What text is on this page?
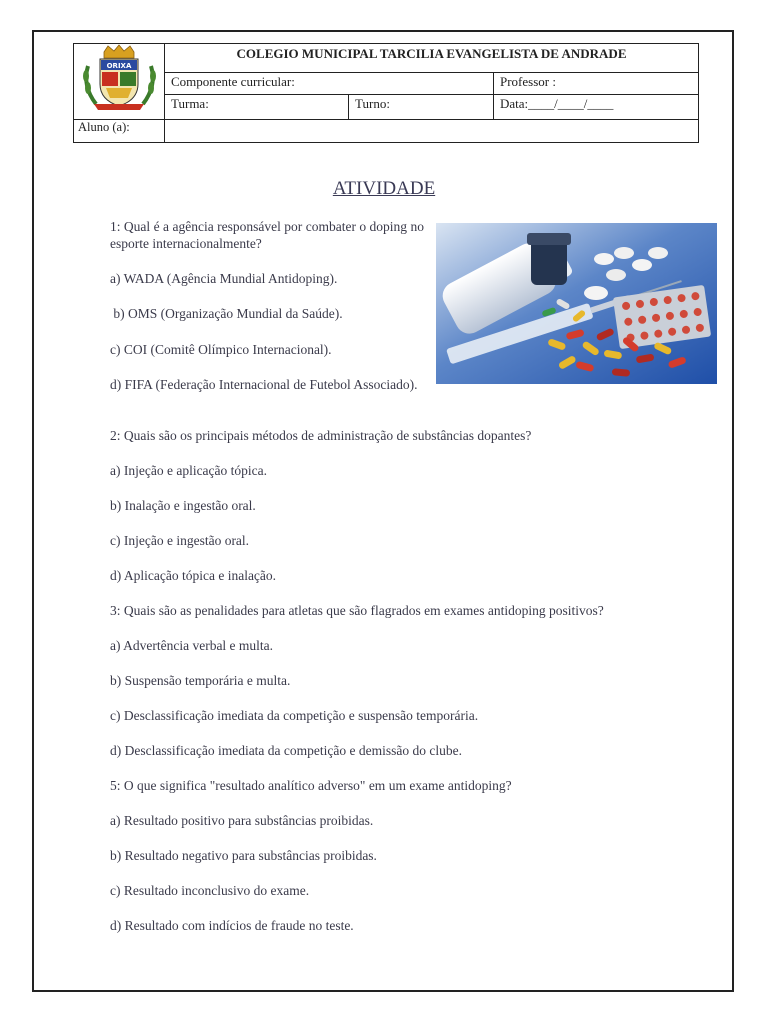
ORIXA	COLEGIO MUNICIPAL TARCILIA EVANGELISTA DE ANDRADE		
	Componente curricular:		Professor :
	Turma:	Turno:	Data:____/____/____
Aluno (a):			
ATIVIDADE
1: Qual é a agência responsável por combater o doping no esporte internacionalmente?
a) WADA (Agência Mundial Antidoping).
b) OMS (Organização Mundial da Saúde).
c) COI (Comitê Olímpico Internacional).
d) FIFA (Federação Internacional de Futebol Associado).
2: Quais são os principais métodos de administração de substâncias dopantes?
a) Injeção e aplicação tópica.
b) Inalação e ingestão oral.
c) Injeção e ingestão oral.
d) Aplicação tópica e inalação.
3: Quais são as penalidades para atletas que são flagrados em exames antidoping positivos?
a) Advertência verbal e multa.
b) Suspensão temporária e multa.
c) Desclassificação imediata da competição e suspensão temporária.
d) Desclassificação imediata da competição e demissão do clube.
5: O que significa "resultado analítico adverso" em um exame antidoping?
a) Resultado positivo para substâncias proibidas.
b) Resultado negativo para substâncias proibidas.
c) Resultado inconclusivo do exame.
d) Resultado com indícios de fraude no teste.
